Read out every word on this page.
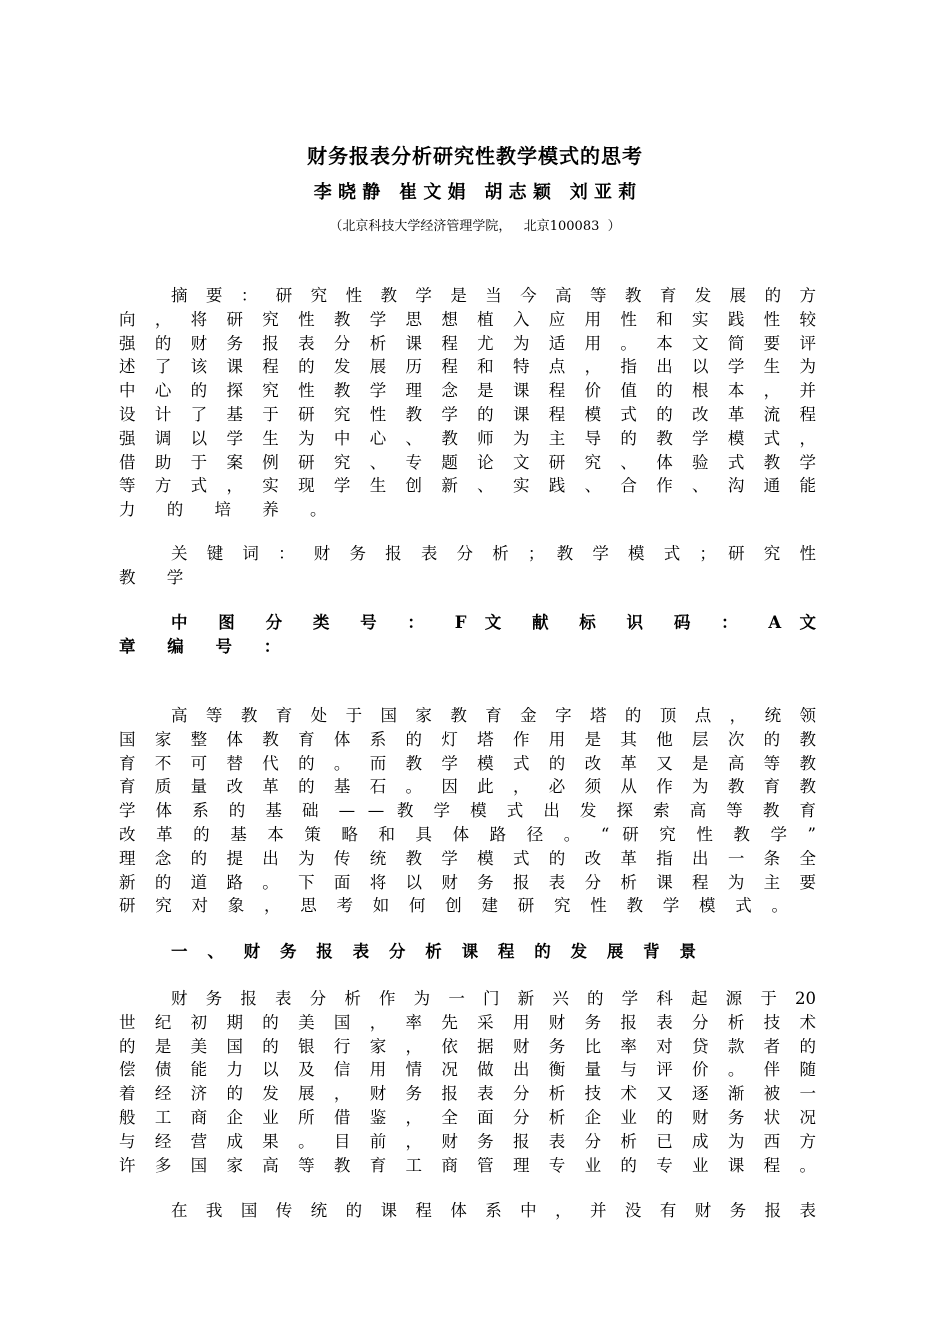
财务报表分析研究性教学模式的思考
李 晓 静   崔 文 娟   胡 志 颖   刘 亚 莉
（北京科技大学经济管理学院，   北京100083  ）
摘 要 ： 研 究 性 教 学 是 当 今 高 等 教 育 发 展 的 方
向 ， 将 研 究 性 教 学 思 想 植 入 应 用 性 和 实 践 性 较
强 的 财 务 报 表 分 析 课 程 尤 为 适 用 。 本 文 简 要 评
述 了 该 课 程 的 发 展 历 程 和 特 点 ， 指 出 以 学 生 为
中 心 的 探 究 性 教 学 理 念 是 课 程 价 值 的 根 本 ， 并
设 计 了 基 于 研 究 性 教 学 的 课 程 模 式 的 改 革 流 程
强 调 以 学 生 为 中 心 、 教 师 为 主 导 的 教 学 模 式 ，
借 助 于 案 例 研 究 、 专 题 论 文 研 究 、 体 验 式 教 学
等 方 式 ， 实 现 学 生 创 新 、 实 践 、 合 作 、 沟 通 能
力 的 培 养 。
关 键 词 ： 财 务 报 表 分 析 ； 教 学 模 式 ； 研 究 性
教 学
中 图 分 类 号 ： F 文 献 标 识 码 ： A 文
章 编 号 ：
高 等 教 育 处 于 国 家 教 育 金 字 塔 的 顶 点 ， 统 领
国 家 整 体 教 育 体 系 的 灯 塔 作 用 是 其 他 层 次 的 教
育 不 可 替 代 的 。 而 教 学 模 式 的 改 革 又 是 高 等 教
育 质 量 改 革 的 基 石 。 因 此 ， 必 须 从 作 为 教 育 教
学 体 系 的 基 础 — — 教 学 模 式 出 发 探 索 高 等 教 育
改 革 的 基 本 策 略 和 具 体 路 径 。 “ 研 究 性 教 学 ”
理 念 的 提 出 为 传 统 教 学 模 式 的 改 革 指 出 一 条 全
新 的 道 路 。 下 面 将 以 财 务 报 表 分 析 课 程 为 主 要
研 究 对 象 ， 思 考 如 何 创 建 研 究 性 教 学 模 式 。
一 、 财 务 报 表 分 析 课 程 的 发 展 背 景
财 务 报 表 分 析 作 为 一 门 新 兴 的 学 科 起 源 于 20
世 纪 初 期 的 美 国 ， 率 先 采 用 财 务 报 表 分 析 技 术
的 是 美 国 的 银 行 家 ， 依 据 财 务 比 率 对 贷 款 者 的
偿 债 能 力 以 及 信 用 情 况 做 出 衡 量 与 评 价 。 伴 随
着 经 济 的 发 展 ， 财 务 报 表 分 析 技 术 又 逐 渐 被 一
般 工 商 企 业 所 借 鉴 ， 全 面 分 析 企 业 的 财 务 状 况
与 经 营 成 果 。 目 前 ， 财 务 报 表 分 析 已 成 为 西 方
许 多 国 家 高 等 教 育 工 商 管 理 专 业 的 专 业 课 程 。
在 我 国 传 统 的 课 程 体 系 中 ， 并 没 有 财 务 报 表
